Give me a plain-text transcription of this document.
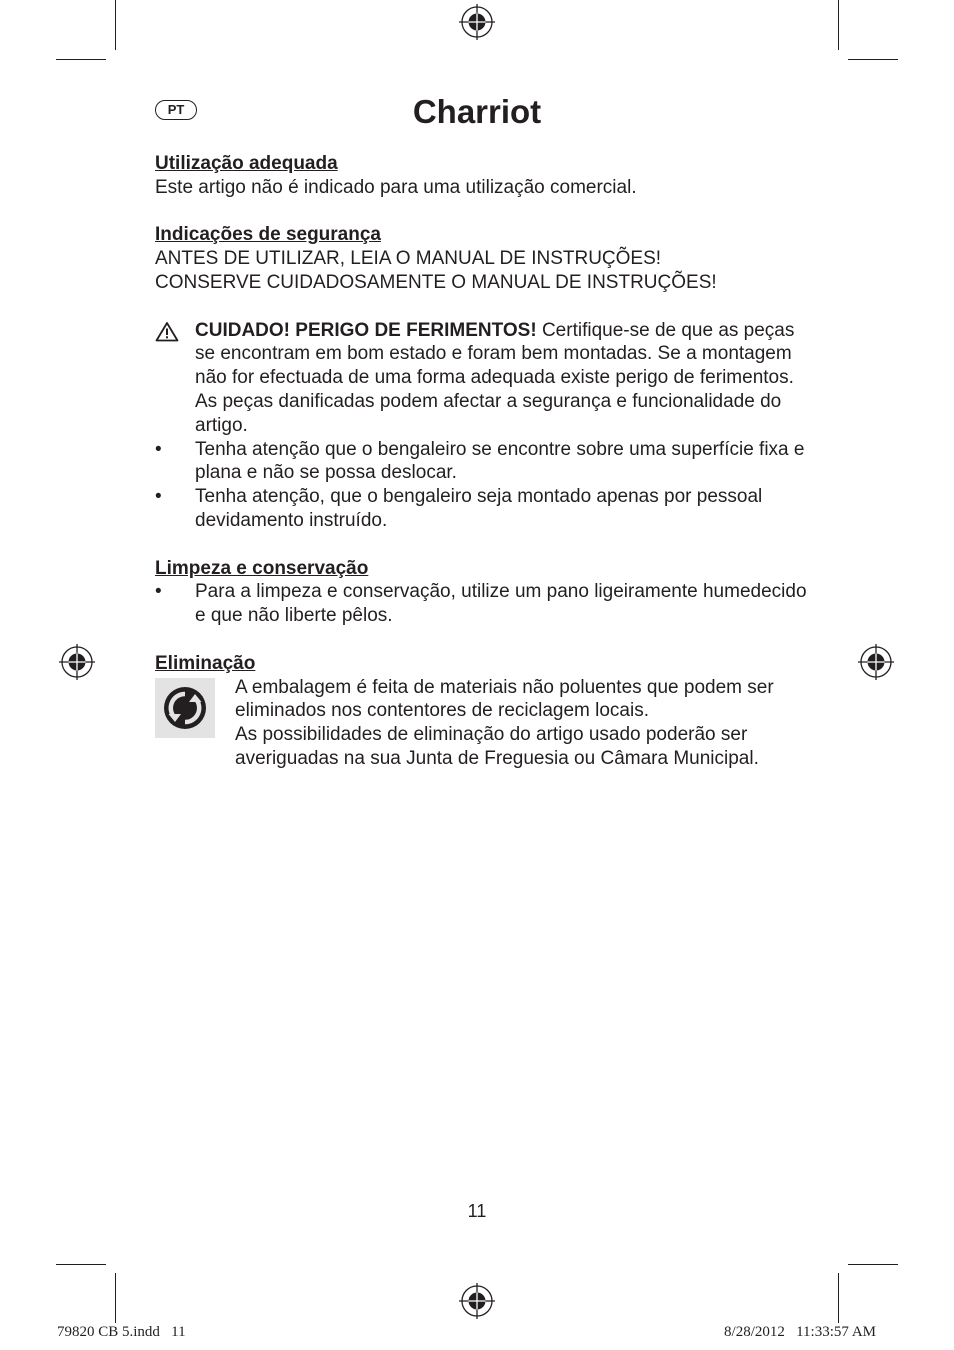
PT	Charriot

Utilização adequada

Este artigo não é indicado para uma utilização comercial.

Indicações de segurança

ANTES DE UTILIZAR, LEIA O MANUAL DE INSTRUÇÕES!

CONSERVE CUIDADOSAMENTE O MANUAL DE INSTRUÇÕES!

CUIDADO! PERIGO DE FERIMENTOS! Certifique-se de que as peças se encontram em bom estado e foram bem montadas. Se a montagem não for efectuada de uma forma adequada existe perigo de ferimentos. As peças danificadas podem afectar a segurança e funcionalidade do artigo.
•	Tenha atenção que o bengaleiro se encontre sobre uma superfície fixa e plana e não se possa deslocar.
•	Tenha atenção, que o bengaleiro seja montado apenas por pessoal devidamento instruído.

Limpeza e conservação

•	Para a limpeza e conservação, utilize um pano ligeiramente humedecido e que não liberte pêlos.

Eliminação

A embalagem é feita de materiais não poluentes que podem ser eliminados nos contentores de reciclagem locais.

As possibilidades de eliminação do artigo usado poderão ser averiguadas na sua Junta de Freguesia ou Câmara Municipal.

11
79820 CB 5.indd   11	8/28/2012   11:33:57 AM
